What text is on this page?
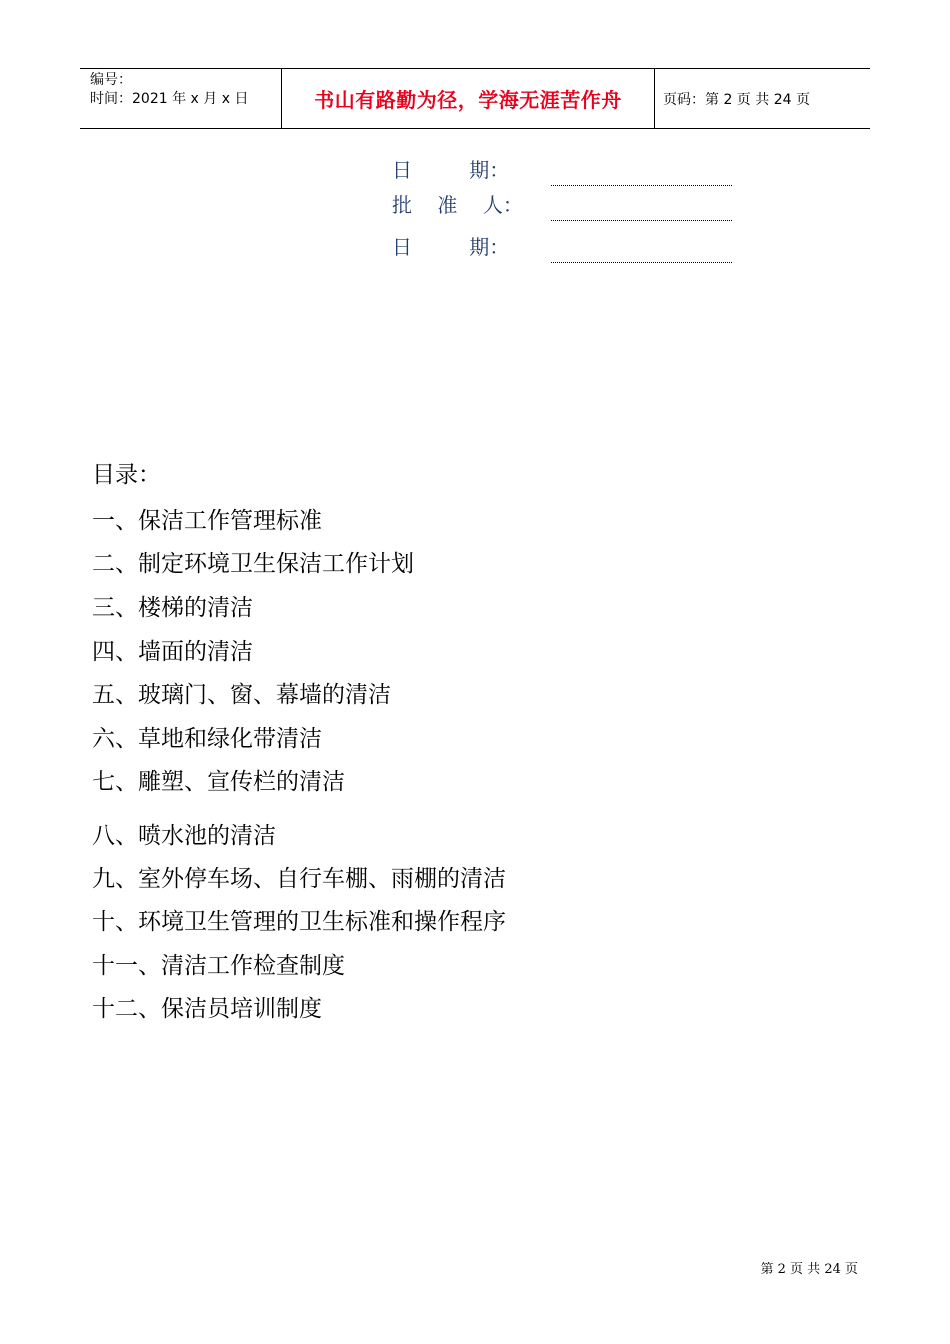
编号：
时间：2021 年 x 月 x 日	书山有路勤为径，学海无涯苦作舟	页码：第 2 页 共 24 页
日         期：
批    准    人：
日         期：
目录：
一、保洁工作管理标准
二、制定环境卫生保洁工作计划
三、楼梯的清洁
四、墙面的清洁
五、玻璃门、窗、幕墙的清洁
六、草地和绿化带清洁
七、雕塑、宣传栏的清洁
八、喷水池的清洁
九、室外停车场、自行车棚、雨棚的清洁
十、环境卫生管理的卫生标准和操作程序
十一、清洁工作检查制度
十二、保洁员培训制度
第 2 页 共 24 页
